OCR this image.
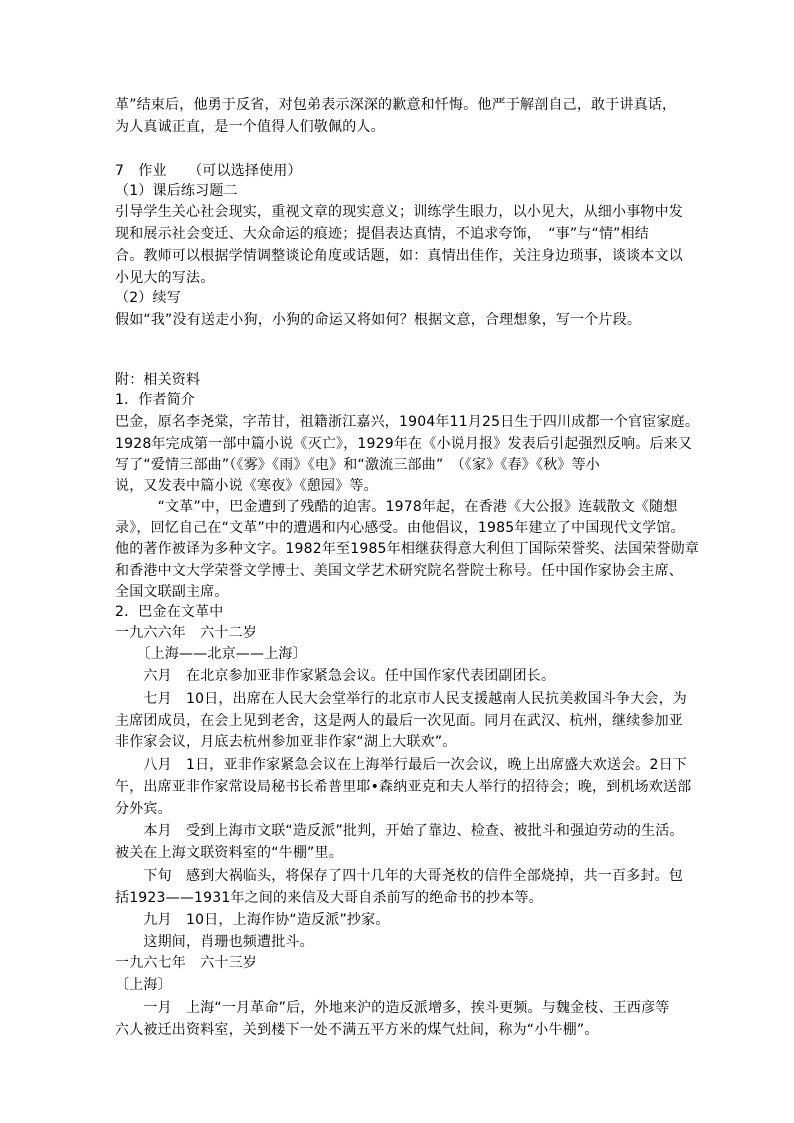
革”结束后，他勇于反省，对包弟表示深深的歉意和忏悔。他严于解剖自己，敢于讲真话，
为人真诚正直，是一个值得人们敬佩的人。
7　作业　　（可以选择使用）
（1）课后练习题二
引导学生关心社会现实，重视文章的现实意义；训练学生眼力，以小见大，从细小事物中发
现和展示社会变迁、大众命运的痕迹；提倡表达真情，不追求夸饰，　“事”与“情”相结
合。教师可以根据学情调整谈论角度或话题，如：真情出佳作，关注身边琐事，谈谈本文以
小见大的写法。
（2）续写
假如“我”没有送走小狗，小狗的命运又将如何？根据文意，合理想象，写一个片段。
附：相关资料
1．作者简介
巴金，原名李尧棠，字芾甘，祖籍浙江嘉兴，1904年11月25日生于四川成都一个官宦家庭。
1928年完成第一部中篇小说《灭亡》，1929年在《小说月报》发表后引起强烈反响。后来又
写了“爱情三部曲”（《雾》《雨》《电》和“激流三部曲”　（《家》《春》《秋》等小
说，又发表中篇小说《寒夜》《憩园》等。
　　　“文革”中，巴金遭到了残酷的迫害。1978年起，在香港《大公报》连载散文《随想
录》，回忆自己在“文革”中的遭遇和内心感受。由他倡议，1985年建立了中国现代文学馆。
他的著作被译为多种文字。1982年至1985年相继获得意大利但丁国际荣誉奖、法国荣誉勋章
和香港中文大学荣誉文学博士、美国文学艺术研究院名誉院士称号。任中国作家协会主席、
全国文联副主席。
2．巴金在文革中
一九六六年　六十二岁
　　〔上海——北京——上海〕
　　六月　在北京参加亚非作家紧急会议。任中国作家代表团副团长。
　　七月　10日，出席在人民大会堂举行的北京市人民支援越南人民抗美救国斗争大会，为
主席团成员，在会上见到老舍，这是两人的最后一次见面。同月在武汉、杭州，继续参加亚
非作家会议，月底去杭州参加亚非作家“湖上大联欢”。
　　八月　1日，亚非作家紧急会议在上海举行最后一次会议，晚上出席盛大欢送会。2日下
午，出席亚非作家常设局秘书长希普里耶•森纳亚克和夫人举行的招待会；晚，到机场欢送部
分外宾。
　　本月　受到上海市文联“造反派”批判，开始了靠边、检查、被批斗和强迫劳动的生活。
被关在上海文联资料室的“牛棚”里。
　　下旬　感到大祸临头，将保存了四十几年的大哥尧枚的信件全部烧掉，共一百多封。包
括1923——1931年之间的来信及大哥自杀前写的绝命书的抄本等。
　　九月　10日，上海作协“造反派”抄家。
　　这期间，肖珊也频遭批斗。
一九六七年　六十三岁
〔上海〕
　　一月　上海“一月革命”后，外地来沪的造反派增多，挨斗更频。与魏金枝、王西彦等
六人被迁出资料室，关到楼下一处不满五平方米的煤气灶间，称为“小牛棚”。
